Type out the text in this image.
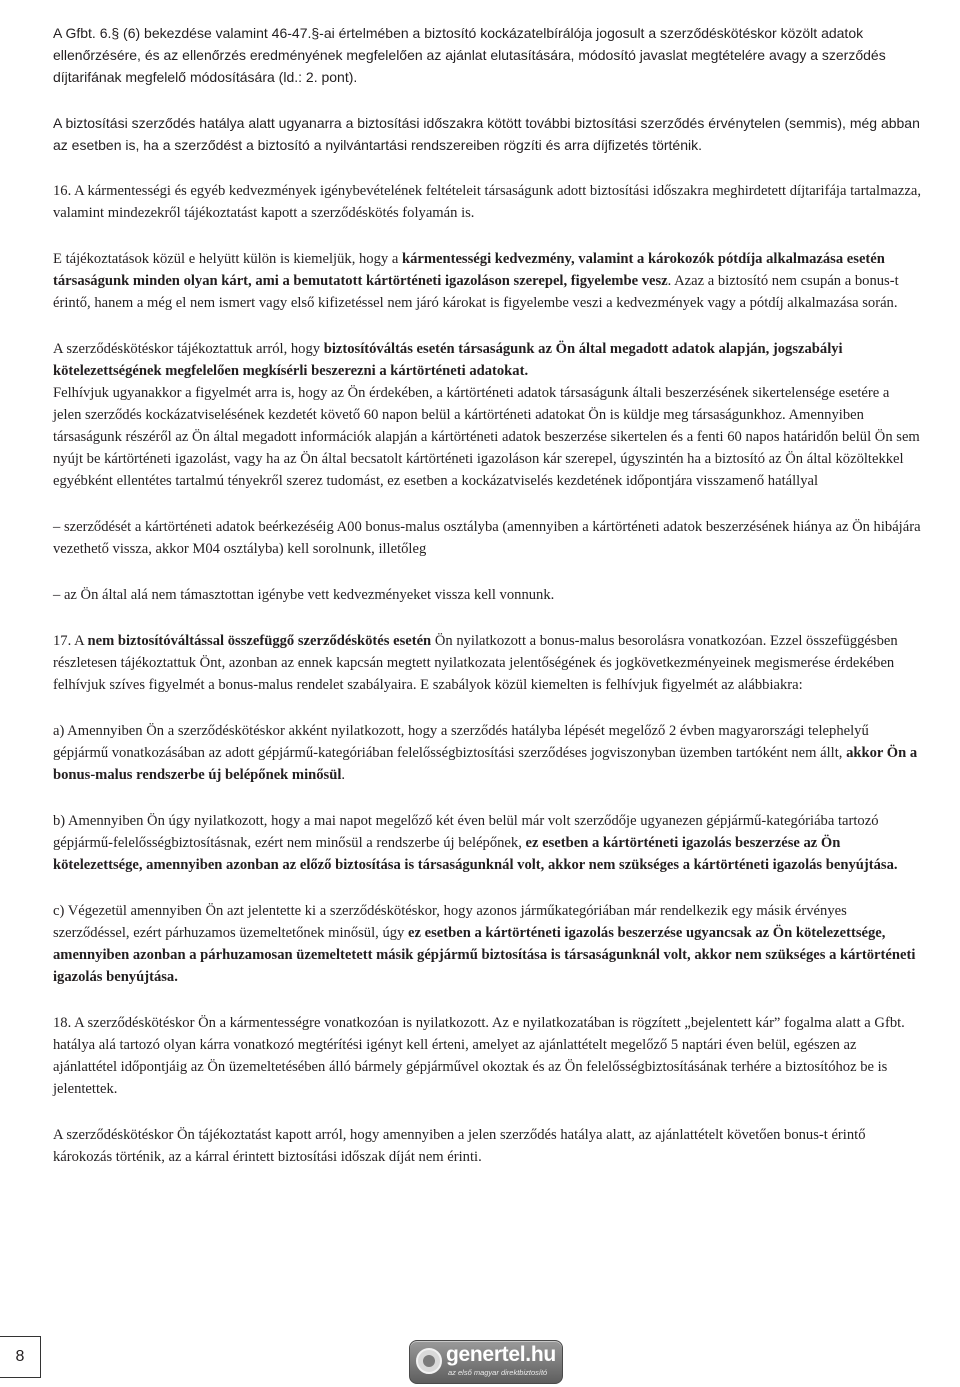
A Gfbt. 6.§ (6) bekezdése valamint 46-47.§-ai értelmében a biztosító kockázatelbírálója jogosult a szerződéskötéskor közölt adatok ellenőrzésére, és az ellenőrzés eredményének megfelelően az ajánlat elutasítására, módosító javaslat megtételére avagy a szerződés díjtarifának megfelelő módosítására (ld.: 2. pont).

A biztosítási szerződés hatálya alatt ugyanarra a biztosítási időszakra kötött további biztosítási szerződés érvénytelen (semmis), még abban az esetben is, ha a szerződést a biztosító a nyilvántartási rendszereiben rögzíti és arra díjfizetés történik.

16. A kármentességi és egyéb kedvezmények igénybevételének feltételeit társaságunk adott biztosítási időszakra meghirdetett díjtarifája tartalmazza, valamint mindezekről tájékoztatást kapott a szerződéskötés folyamán is.

E tájékoztatások közül e helyütt külön is kiemeljük, hogy a kármentességi kedvezmény, valamint a károkozók pótdíja alkalmazása esetén társaságunk minden olyan kárt, ami a bemutatott kártörténeti igazoláson szerepel, figyelembe vesz. Azaz a biztosító nem csupán a bonus-t érintő, hanem a még el nem ismert vagy első kifizetéssel nem járó károkat is figyelembe veszi a kedvezmények vagy a pótdíj alkalmazása során.

A szerződéskötéskor tájékoztattuk arról, hogy biztosítóváltás esetén társaságunk az Ön által megadott adatok alapján, jogszabályi kötelezettségének megfelelően megkísérli beszerezni a kártörténeti adatokat.

Felhívjuk ugyanakkor a figyelmét arra is, hogy az Ön érdekében, a kártörténeti adatok társaságunk általi beszerzésének sikertelensége esetére a jelen szerződés kockázatviselésének kezdetét követő 60 napon belül a kártörténeti adatokat Ön is küldje meg társaságunkhoz. Amennyiben társaságunk részéről az Ön által megadott információk alapján a kártörténeti adatok beszerzése sikertelen és a fenti 60 napos határidőn belül Ön sem nyújt be kártörténeti igazolást, vagy ha az Ön által becsatolt kártörténeti igazoláson kár szerepel, úgyszintén ha a biztosító az Ön által közöltekkel egyébként ellentétes tartalmú tényekről szerez tudomást, ez esetben a kockázatviselés kezdetének időpontjára visszamenő hatállyal

– szerződését a kártörténeti adatok beérkezéséig A00 bonus-malus osztályba (amennyiben a kártörténeti adatok beszerzésének hiánya az Ön hibájára vezethető vissza, akkor M04 osztályba) kell sorolnunk, illetőleg

– az Ön által alá nem támasztottan igénybe vett kedvezményeket vissza kell vonnunk.

17. A nem biztosítóváltással összefüggő szerződéskötés esetén Ön nyilatkozott a bonus-malus besorolásra vonatkozóan. Ezzel összefüggésben részletesen tájékoztattuk Önt, azonban az ennek kapcsán megtett nyilatkozata jelentőségének és jogkövetkezményeinek megismerése érdekében felhívjuk szíves figyelmét a bonus-malus rendelet szabályaira. E szabályok közül kiemelten is felhívjuk figyelmét az alábbiakra:

a) Amennyiben Ön a szerződéskötéskor akként nyilatkozott, hogy a szerződés hatályba lépését megelőző 2 évben magyarországi telephelyű gépjármű vonatkozásában az adott gépjármű-kategóriában felelősségbiztosítási szerződéses jogviszonyban üzemben tartóként nem állt, akkor Ön a bonus-malus rendszerbe új belépőnek minősül.

b) Amennyiben Ön úgy nyilatkozott, hogy a mai napot megelőző két éven belül már volt szerződője ugyanezen gépjármű-kategóriába tartozó gépjármű-felelősségbiztosításnak, ezért nem minősül a rendszerbe új belépőnek, ez esetben a kártörténeti igazolás beszerzése az Ön kötelezettsége, amennyiben azonban az előző biztosítása is társaságunknál volt, akkor nem szükséges a kártörténeti igazolás benyújtása.

c) Végezetül amennyiben Ön azt jelentette ki a szerződéskötéskor, hogy azonos járműkategóriában már rendelkezik egy másik érvényes szerződéssel, ezért párhuzamos üzemeltetőnek minősül, úgy ez esetben a kártörténeti igazolás beszerzése ugyancsak az Ön kötelezettsége, amennyiben azonban a párhuzamosan üzemeltetett másik gépjármű biztosítása is társaságunknál volt, akkor nem szükséges a kártörténeti igazolás benyújtása.

18. A szerződéskötéskor Ön a kármentességre vonatkozóan is nyilatkozott. Az e nyilatkozatában is rögzített „bejelentett kár” fogalma alatt a Gfbt. hatálya alá tartozó olyan kárra vonatkozó megtérítési igényt kell érteni, amelyet az ajánlattételt megelőző 5 naptári éven belül, egészen az ajánlattétel időpontjáig az Ön üzemeltetésében álló bármely gépjárművel okoztak és az Ön felelősségbiztosításának terhére a biztosítóhoz be is jelentettek.

A szerződéskötéskor Ön tájékoztatást kapott arról, hogy amennyiben a jelen szerződés hatálya alatt, az ajánlattételt követően bonus-t érintő károkozás történik, az a kárral érintett biztosítási időszak díját nem érinti.

8	genertel.hu
az első magyar direktbiztosító
